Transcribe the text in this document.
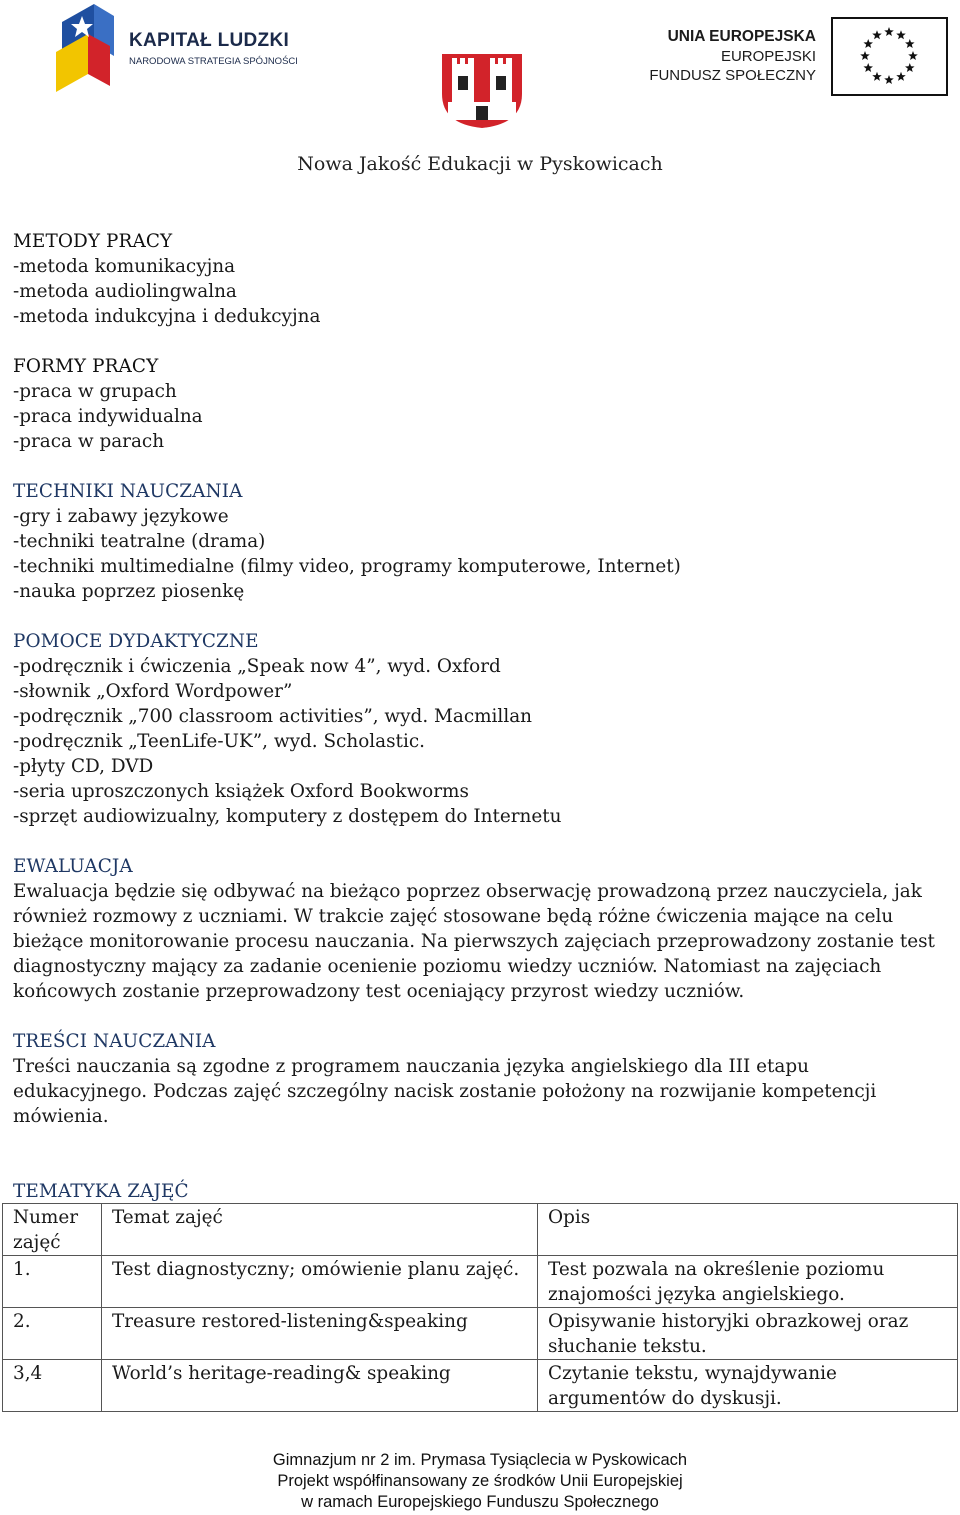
KAPITAŁ LUDZKI
NARODOWA STRATEGIA SPÓJNOŚCI
UNIA EUROPEJSKA
EUROPEJSKI
FUNDUSZ SPOŁECZNY
Nowa Jakość Edukacji w Pyskowicach
METODY PRACY
-metoda komunikacyjna
-metoda audiolingwalna
-metoda indukcyjna i dedukcyjna
FORMY PRACY
-praca w grupach
-praca indywidualna
-praca w parach
TECHNIKI NAUCZANIA
-gry i zabawy językowe
-techniki teatralne (drama)
-techniki multimedialne (filmy video, programy komputerowe, Internet)
-nauka poprzez piosenkę
POMOCE DYDAKTYCZNE
-podręcznik i ćwiczenia „Speak now 4”, wyd. Oxford
-słownik „Oxford Wordpower”
-podręcznik „700 classroom activities”, wyd. Macmillan
-podręcznik „TeenLife-UK”, wyd. Scholastic.
-płyty CD, DVD
-seria uproszczonych książek Oxford Bookworms
-sprzęt audiowizualny, komputery z dostępem do Internetu
EWALUACJA
Ewaluacja będzie się odbywać na bieżąco poprzez obserwację prowadzoną przez nauczyciela, jak również rozmowy z uczniami. W trakcie zajęć stosowane będą różne ćwiczenia mające na celu bieżące monitorowanie procesu nauczania. Na pierwszych zajęciach przeprowadzony zostanie test diagnostyczny mający za zadanie ocenienie poziomu wiedzy uczniów. Natomiast na zajęciach końcowych zostanie przeprowadzony test oceniający przyrost wiedzy uczniów.
TREŚCI NAUCZANIA
Treści nauczania są zgodne z programem nauczania języka angielskiego dla III etapu edukacyjnego. Podczas zajęć szczególny nacisk zostanie położony na rozwijanie kompetencji mówienia.
TEMATYKA ZAJĘĆ
Numer zajęć	Temat zajęć	Opis
1.	Test diagnostyczny; omówienie planu zajęć.	Test pozwala na określenie poziomu znajomości języka angielskiego.
2.	Treasure restored-listening&speaking	Opisywanie historyjki obrazkowej oraz słuchanie tekstu.
3,4	World’s heritage-reading& speaking	Czytanie tekstu, wynajdywanie argumentów do dyskusji.
Gimnazjum nr 2 im. Prymasa Tysiąclecia w Pyskowicach
Projekt współfinansowany ze środków Unii Europejskiej
w ramach Europejskiego Funduszu Społecznego
